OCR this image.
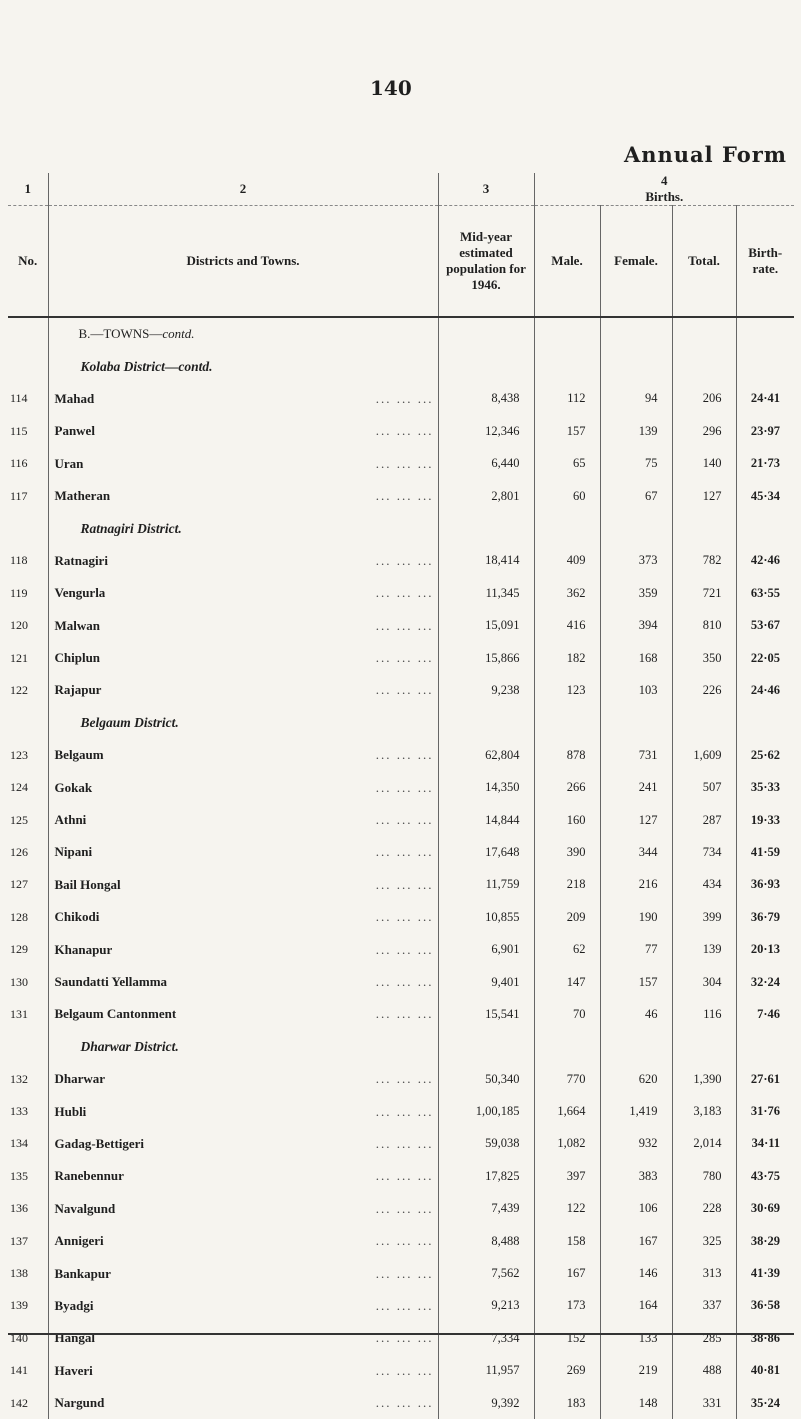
140
Annual Form
1	2	3	4
Births.			

No.	Districts and Towns.	Mid-year estimated population for 1946.	Male.	Female.	Total.	Birth-rate.
	B.—TOWNS—contd.					
	Kolaba District—contd.					
114	Mahad ... ... ...	8,438	112	94	206	24·41
115	Panwel ... ... ...	12,346	157	139	296	23·97
116	Uran ... ... ...	6,440	65	75	140	21·73
117	Matheran ... ... ...	2,801	60	67	127	45·34
	Ratnagiri District.					
118	Ratnagiri ... ... ...	18,414	409	373	782	42·46
119	Vengurla ... ... ...	11,345	362	359	721	63·55
120	Malwan ... ... ...	15,091	416	394	810	53·67
121	Chiplun ... ... ...	15,866	182	168	350	22·05
122	Rajapur ... ... ...	9,238	123	103	226	24·46
	Belgaum District.					
123	Belgaum ... ... ...	62,804	878	731	1,609	25·62
124	Gokak ... ... ...	14,350	266	241	507	35·33
125	Athni ... ... ...	14,844	160	127	287	19·33
126	Nipani ... ... ...	17,648	390	344	734	41·59
127	Bail Hongal ... ... ...	11,759	218	216	434	36·93
128	Chikodi ... ... ...	10,855	209	190	399	36·79
129	Khanapur ... ... ...	6,901	62	77	139	20·13
130	Saundatti Yellamma ... ... ...	9,401	147	157	304	32·24
131	Belgaum Cantonment ... ... ...	15,541	70	46	116	7·46
	Dharwar District.					
132	Dharwar ... ... ...	50,340	770	620	1,390	27·61
133	Hubli ... ... ...	1,00,185	1,664	1,419	3,183	31·76
134	Gadag-Bettigeri ... ... ...	59,038	1,082	932	2,014	34·11
135	Ranebennur ... ... ...	17,825	397	383	780	43·75
136	Navalgund ... ... ...	7,439	122	106	228	30·69
137	Annigeri ... ... ...	8,488	158	167	325	38·29
138	Bankapur ... ... ...	7,562	167	146	313	41·39
139	Byadgi ... ... ...	9,213	173	164	337	36·58
140	Hangal ... ... ...	7,334	152	133	285	38·86
141	Haveri ... ... ...	11,957	269	219	488	40·81
142	Nargund ... ... ...	9,392	183	148	331	35·24
